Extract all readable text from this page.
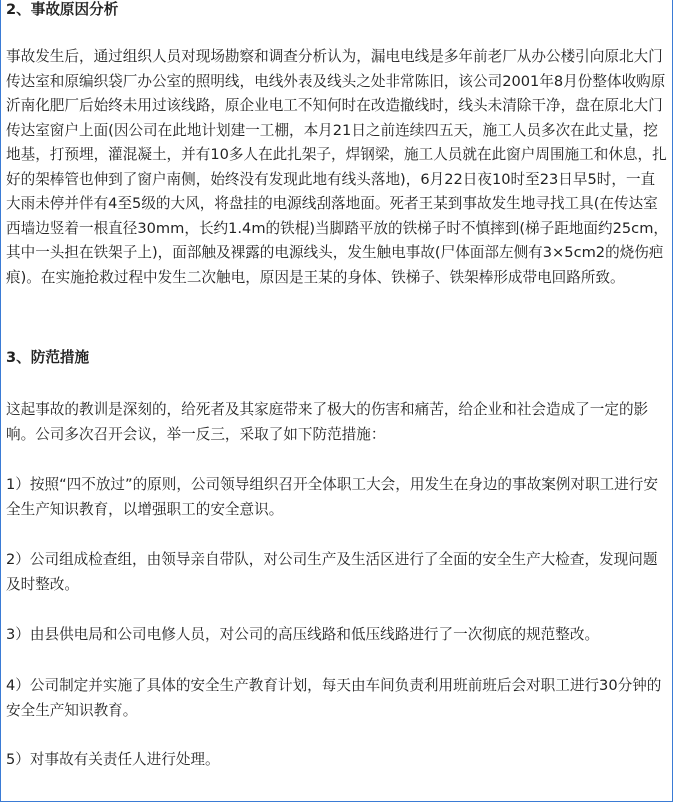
2、事故原因分析

事故发生后，通过组织人员对现场勘察和调查分析认为，漏电电线是多年前老厂从办公楼引向原北大门传达室和原编织袋厂办公室的照明线，电线外表及线头之处非常陈旧，该公司2001年8月份整体收购原沂南化肥厂后始终未用过该线路，原企业电工不知何时在改造撤线时，线头未清除干净，盘在原北大门传达室窗户上面(因公司在此地计划建一工棚，本月21日之前连续四五天，施工人员多次在此丈量，挖地基，打预埋，灌混凝土，并有10多人在此扎架子，焊钢梁，施工人员就在此窗户周围施工和休息，扎好的架棒管也伸到了窗户南侧，始终没有发现此地有线头落地)，6月22日夜10时至23日早5时，一直大雨未停并伴有4至5级的大风，将盘挂的电源线刮落地面。死者王某到事故发生地寻找工具(在传达室西墙边竖着一根直径30mm，长约1.4m的铁棍)当脚踏平放的铁梯子时不慎摔到(梯子距地面约25cm，其中一头担在铁架子上)，面部触及裸露的电源线头，发生触电事故(尸体面部左侧有3×5cm2的烧伤疤痕)。在实施抢救过程中发生二次触电，原因是王某的身体、铁梯子、铁架棒形成带电回路所致。

3、防范措施

这起事故的教训是深刻的，给死者及其家庭带来了极大的伤害和痛苦，给企业和社会造成了一定的影响。公司多次召开会议，举一反三，采取了如下防范措施：

1）按照“四不放过”的原则，公司领导组织召开全体职工大会，用发生在身边的事故案例对职工进行安全生产知识教育，以增强职工的安全意识。

2）公司组成检查组，由领导亲自带队，对公司生产及生活区进行了全面的安全生产大检查，发现问题及时整改。

3）由县供电局和公司电修人员，对公司的高压线路和低压线路进行了一次彻底的规范整改。

4）公司制定并实施了具体的安全生产教育计划，每天由车间负责利用班前班后会对职工进行30分钟的安全生产知识教育。

5）对事故有关责任人进行处理。
